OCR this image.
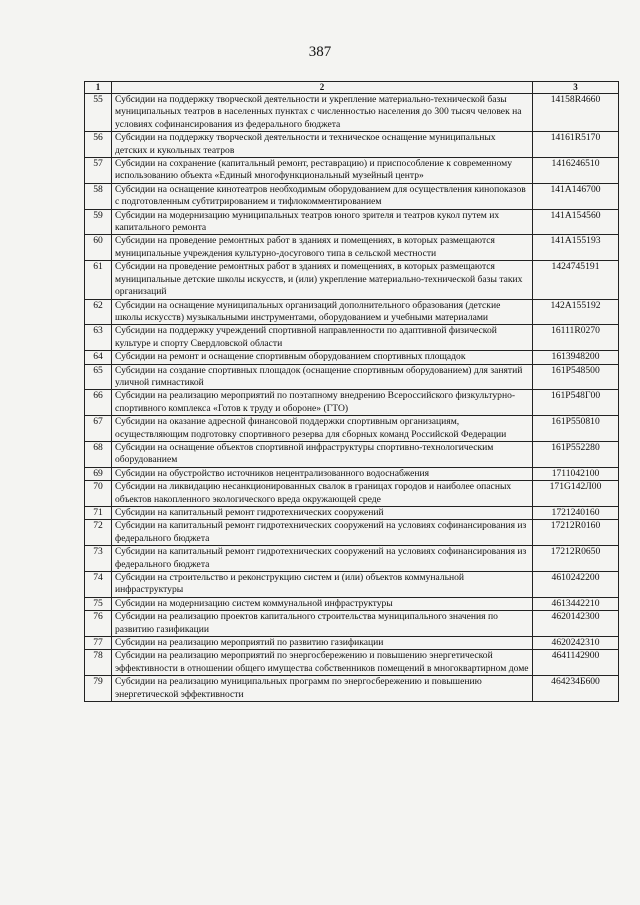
387
1	2	3
55	Субсидии на поддержку творческой деятельности и укрепление материально-технической базы муниципальных театров в населенных пунктах с численностью населения до 300 тысяч человек на условиях софинансирования из федерального бюджета	14158R4660
56	Субсидии на поддержку творческой деятельности и техническое оснащение муниципальных детских и кукольных театров	14161R5170
57	Субсидии на сохранение (капитальный ремонт, реставрацию) и приспособление к современному использованию объекта «Единый многофункциональный музейный центр»	1416246510
58	Субсидии на оснащение кинотеатров необходимым оборудованием для осуществления кинопоказов с подготовленным субтитрированием и тифлокомментированием	141A146700
59	Субсидии на модернизацию муниципальных театров юного зрителя и театров кукол путем их капитального ремонта	141A154560
60	Субсидии на проведение ремонтных работ в зданиях и помещениях, в которых размещаются муниципальные учреждения культурно-досугового типа в сельской местности	141A155193
61	Субсидии на проведение ремонтных работ в зданиях и помещениях, в которых размещаются муниципальные детские школы искусств, и (или) укрепление материально-технической базы таких организаций	1424745191
62	Субсидии на оснащение муниципальных организаций дополнительного образования (детские школы искусств) музыкальными инструментами, оборудованием и учебными материалами	142A155192
63	Субсидии на поддержку учреждений спортивной направленности по адаптивной физической культуре и спорту Свердловской области	16111R0270
64	Субсидии на ремонт и оснащение спортивным оборудованием спортивных площадок	1613948200
65	Субсидии на создание спортивных площадок (оснащение спортивным оборудованием) для занятий уличной гимнастикой	161P548500
66	Субсидии на реализацию мероприятий по поэтапному внедрению Всероссийского физкультурно-спортивного комплекса «Готов к труду и обороне» (ГТО)	161P548Г00
67	Субсидии на оказание адресной финансовой поддержки спортивным организациям, осуществляющим подготовку спортивного резерва для сборных команд Российской Федерации	161P550810
68	Субсидии на оснащение объектов спортивной инфраструктуры спортивно-технологическим оборудованием	161P552280
69	Субсидии на обустройство источников нецентрализованного водоснабжения	1711042100
70	Субсидии на ликвидацию несанкционированных свалок в границах городов и наиболее опасных объектов накопленного экологического вреда окружающей среде	171G142Л00
71	Субсидии на капитальный ремонт гидротехнических сооружений	1721240160
72	Субсидии на капитальный ремонт гидротехнических сооружений на условиях софинансирования из федерального бюджета	17212R0160
73	Субсидии на капитальный ремонт гидротехнических сооружений на условиях софинансирования из федерального бюджета	17212R0650
74	Субсидии на строительство и реконструкцию систем и (или) объектов коммунальной инфраструктуры	4610242200
75	Субсидии на модернизацию систем коммунальной инфраструктуры	4613442210
76	Субсидии на реализацию проектов капитального строительства муниципального значения по развитию газификации	4620142300
77	Субсидии на реализацию мероприятий по развитию газификации	4620242310
78	Субсидии на реализацию мероприятий по энергосбережению и повышению энергетической эффективности в отношении общего имущества собственников помещений в многоквартирном доме	4641142900
79	Субсидии на реализацию муниципальных программ по энергосбережению и повышению энергетической эффективности	464234Б600
